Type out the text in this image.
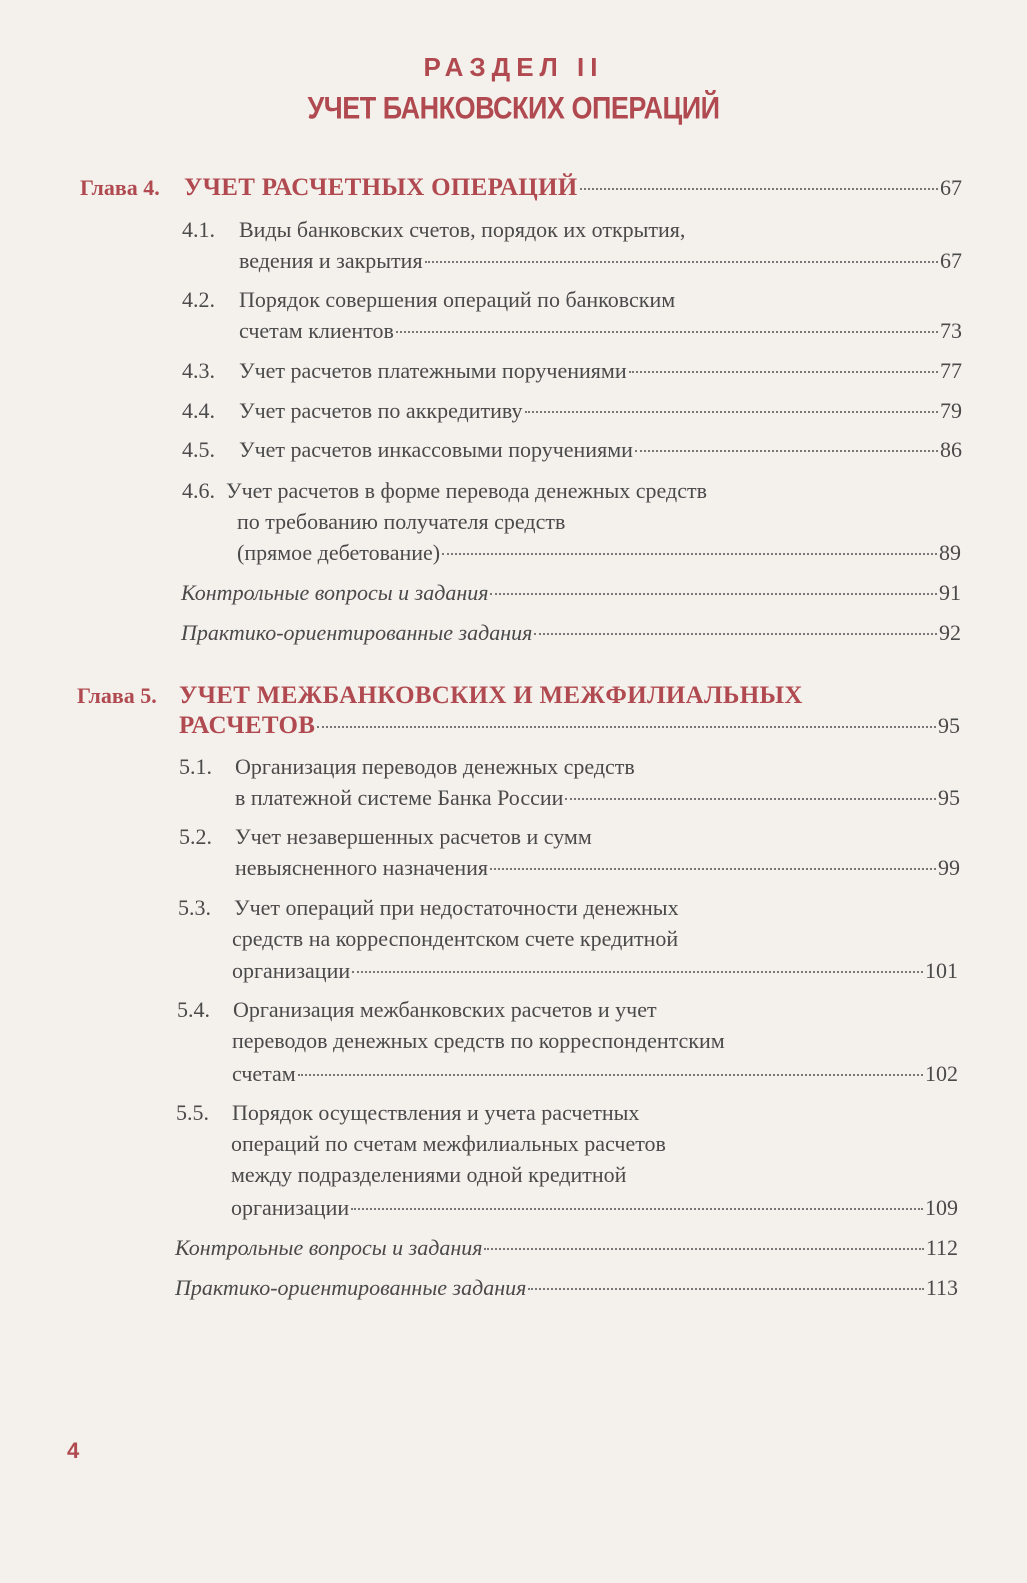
РАЗДЕЛ II
УЧЕТ БАНКОВСКИХ ОПЕРАЦИЙ
Глава 4. УЧЕТ РАСЧЕТНЫХ ОПЕРАЦИЙ	67
4.1. Виды банковских счетов, порядок их открытия,
ведения и закрытия	67
4.2. Порядок совершения операций по банковским
счетам клиентов	73
4.3. Учет расчетов платежными поручениями	77
4.4. Учет расчетов по аккредитиву	79
4.5. Учет расчетов инкассовыми поручениями	86
4.6. Учет расчетов в форме перевода денежных средств
по требованию получателя средств
(прямое дебетование)	89
Контрольные вопросы и задания	91
Практико-ориентированные задания	92
Глава 5. УЧЕТ МЕЖБАНКОВСКИХ И МЕЖФИЛИАЛЬНЫХ
РАСЧЕТОВ	95
5.1. Организация переводов денежных средств
в платежной системе Банка России	95
5.2. Учет незавершенных расчетов и сумм
невыясненного назначения	99
5.3. Учет операций при недостаточности денежных
средств на корреспондентском счете кредитной
организации	101
5.4. Организация межбанковских расчетов и учет
переводов денежных средств по корреспондентским
счетам	102
5.5. Порядок осуществления и учета расчетных
операций по счетам межфилиальных расчетов
между подразделениями одной кредитной
организации	109
Контрольные вопросы и задания	112
Практико-ориентированные задания	113
4
